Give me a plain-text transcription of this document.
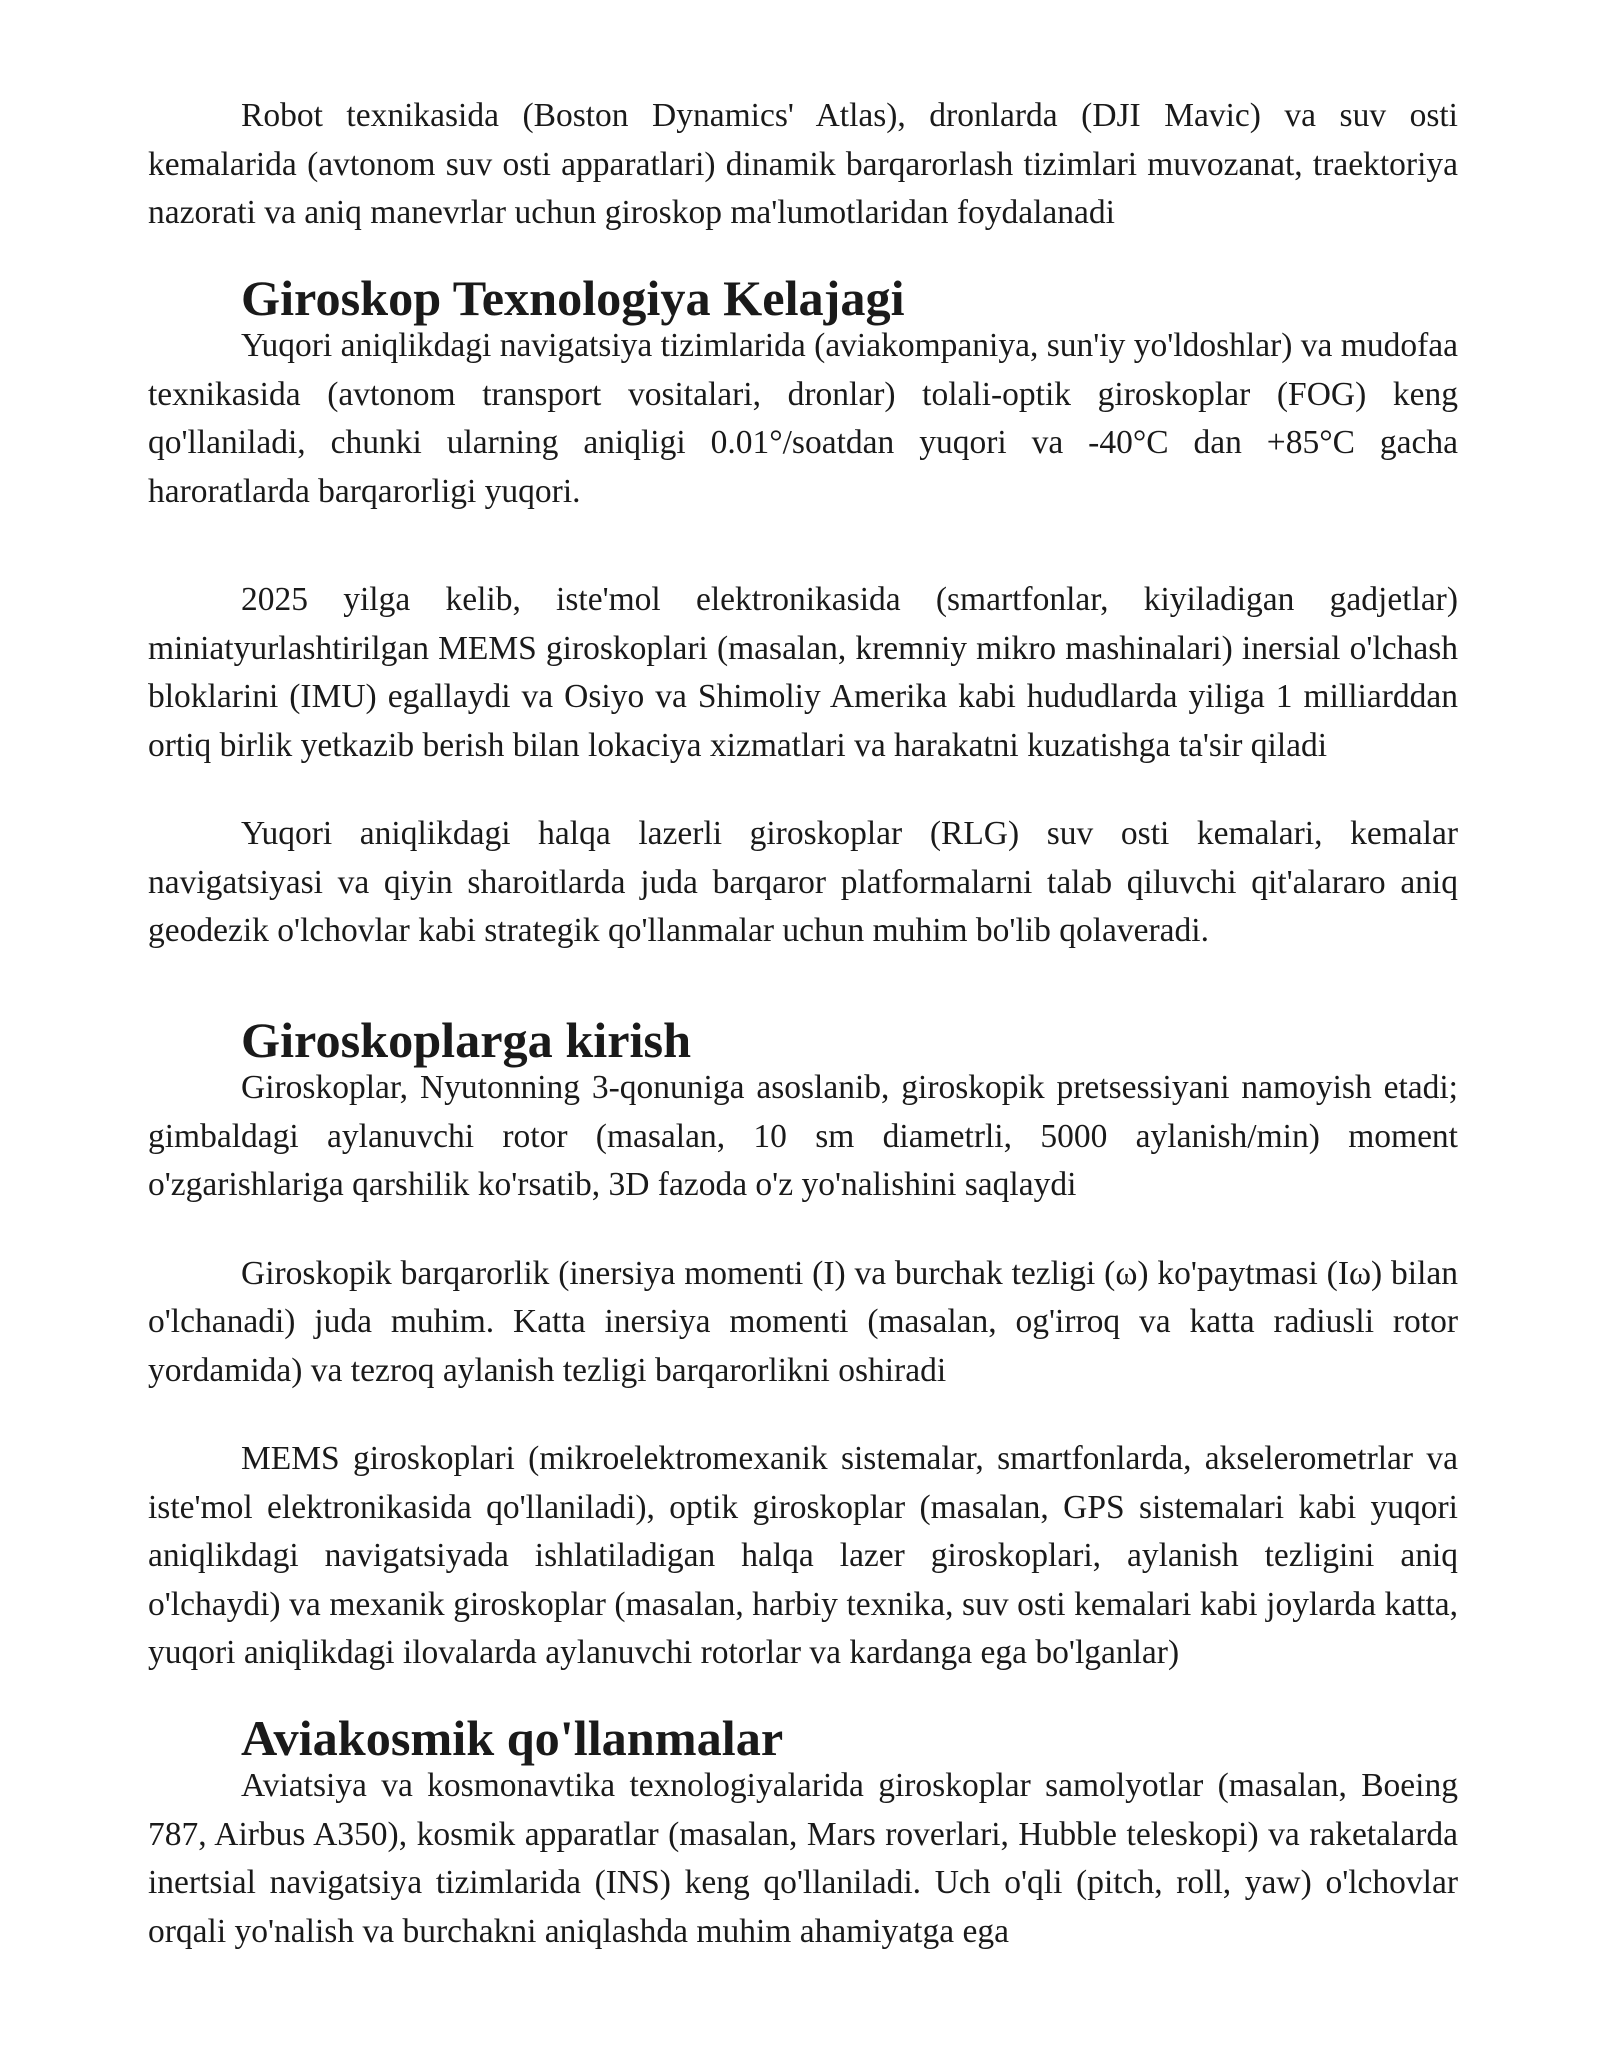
Robot texnikasida (Boston Dynamics' Atlas), dronlarda (DJI Mavic) va suv osti kemalarida (avtonom suv osti apparatlari) dinamik barqarorlash tizimlari muvozanat, traektoriya nazorati va aniq manevrlar uchun giroskop ma'lumotlaridan foydalanadi

Giroskop Texnologiya Kelajagi

Yuqori aniqlikdagi navigatsiya tizimlarida (aviakompaniya, sun'iy yo'ldoshlar) va mudofaa texnikasida (avtonom transport vositalari, dronlar) tolali-optik giroskoplar (FOG) keng qo'llaniladi, chunki ularning aniqligi 0.01°/soatdan yuqori va -40°C dan +85°C gacha haroratlarda barqarorligi yuqori.

2025 yilga kelib, iste'mol elektronikasida (smartfonlar, kiyiladigan gadjetlar) miniatyurlashtirilgan MEMS giroskoplari (masalan, kremniy mikro mashinalari) inersial o'lchash bloklarini (IMU) egallaydi va Osiyo va Shimoliy Amerika kabi hududlarda yiliga 1 milliarddan ortiq birlik yetkazib berish bilan lokaciya xizmatlari va harakatni kuzatishga ta'sir qiladi

Yuqori aniqlikdagi halqa lazerli giroskoplar (RLG) suv osti kemalari, kemalar navigatsiyasi va qiyin sharoitlarda juda barqaror platformalarni talab qiluvchi qit'alararo aniq geodezik o'lchovlar kabi strategik qo'llanmalar uchun muhim bo'lib qolaveradi.

Giroskoplarga kirish

Giroskoplar, Nyutonning 3-qonuniga asoslanib, giroskopik pretsessiyani namoyish etadi; gimbaldagi aylanuvchi rotor (masalan, 10 sm diametrli, 5000 aylanish/min) moment o'zgarishlariga qarshilik ko'rsatib, 3D fazoda o'z yo'nalishini saqlaydi

Giroskopik barqarorlik (inersiya momenti (I) va burchak tezligi (ω) ko'paytmasi (Iω) bilan o'lchanadi) juda muhim. Katta inersiya momenti (masalan, og'irroq va katta radiusli rotor yordamida) va tezroq aylanish tezligi barqarorlikni oshiradi

MEMS giroskoplari (mikroelektromexanik sistemalar, smartfonlarda, akselerometrlar va iste'mol elektronikasida qo'llaniladi), optik giroskoplar (masalan, GPS sistemalari kabi yuqori aniqlikdagi navigatsiyada ishlatiladigan halqa lazer giroskoplari, aylanish tezligini aniq o'lchaydi) va mexanik giroskoplar (masalan, harbiy texnika, suv osti kemalari kabi joylarda katta, yuqori aniqlikdagi ilovalarda aylanuvchi rotorlar va kardanga ega bo'lganlar)

Aviakosmik qo'llanmalar

Aviatsiya va kosmonavtika texnologiyalarida giroskoplar samolyotlar (masalan, Boeing 787, Airbus A350), kosmik apparatlar (masalan, Mars roverlari, Hubble teleskopi) va raketalarda inertsial navigatsiya tizimlarida (INS) keng qo'llaniladi. Uch o'qli (pitch, roll, yaw) o'lchovlar orqali yo'nalish va burchakni aniqlashda muhim ahamiyatga ega
